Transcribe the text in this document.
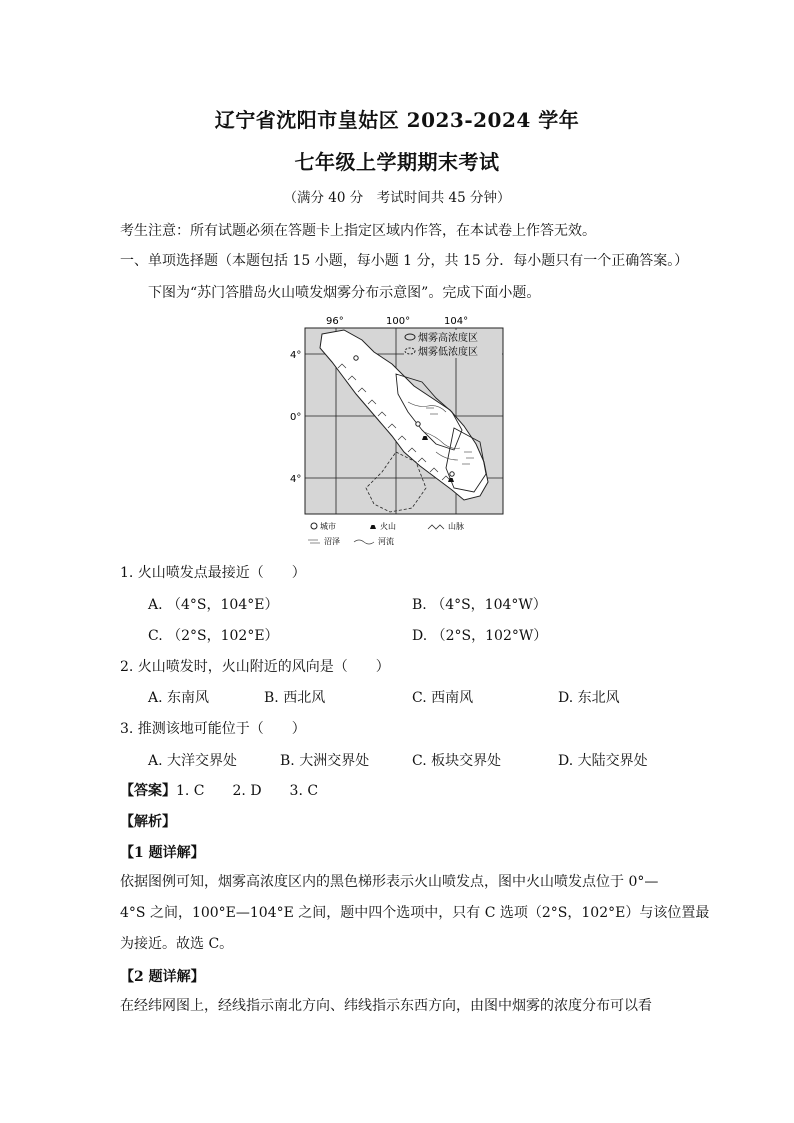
辽宁省沈阳市皇姑区 2023-2024 学年
七年级上学期期末考试
（满分 40 分　考试时间共 45 分钟）
考生注意：所有试题必须在答题卡上指定区域内作答，在本试卷上作答无效。
一、单项选择题（本题包括 15 小题，每小题 1 分，共 15 分．每小题只有一个正确答案。）
下图为“苏门答腊岛火山喷发烟雾分布示意图”。完成下面小题。
96°	100°	104°
4°
0°
4°
烟雾高浓度区
烟雾低浓度区
城市	火山	山脉
沼泽	河流
1. 火山喷发点最接近（　　）
A. （4°S，104°E）	B. （4°S，104°W）
C. （2°S，102°E）	D. （2°S，102°W）
2. 火山喷发时，火山附近的风向是（　　）
A. 东南风	B. 西北风	C. 西南风	D. 东北风
3. 推测该地可能位于（　　）
A. 大洋交界处	B. 大洲交界处	C. 板块交界处	D. 大陆交界处
【答案】1. C　　2. D　　3. C
【解析】
【1 题详解】
依据图例可知，烟雾高浓度区内的黑色梯形表示火山喷发点，图中火山喷发点位于 0°—
4°S 之间，100°E—104°E 之间，题中四个选项中，只有 C 选项（2°S，102°E）与该位置最
为接近。故选 C。
【2 题详解】
在经纬网图上，经线指示南北方向、纬线指示东西方向，由图中烟雾的浓度分布可以看
